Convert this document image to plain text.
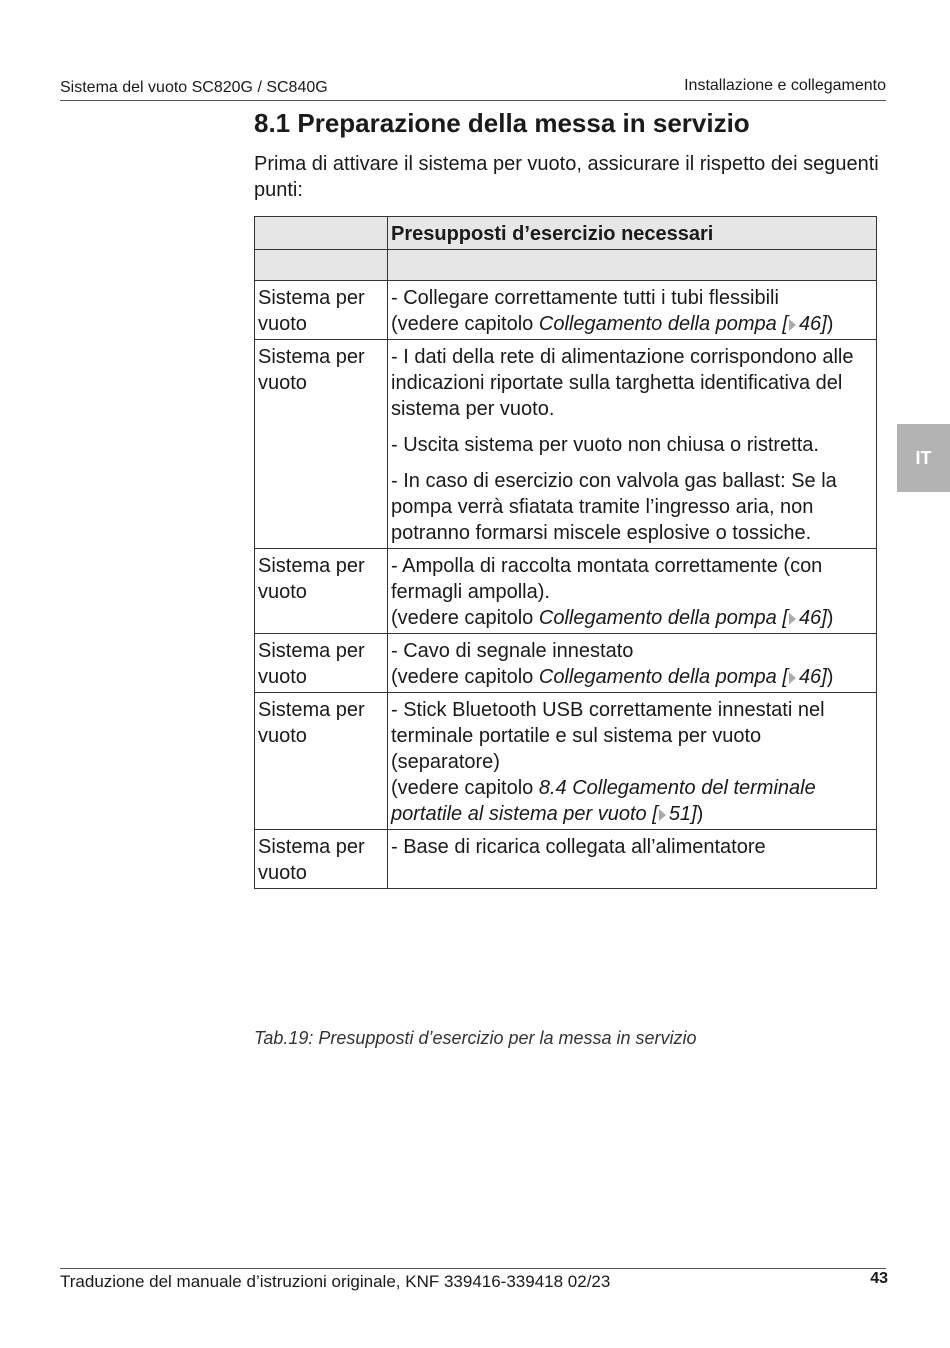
Sistema del vuoto SC820G / SC840G	Installazione e collegamento
IT
8.1 Preparazione della messa in servizio

Prima di attivare il sistema per vuoto, assicurare il rispetto dei seguenti punti:

	Presupposti d’esercizio necessari

Sistema per vuoto	- Collegare correttamente tutti i tubi flessibili
(vedere capitolo Collegamento della pompa [ 46])
Sistema per vuoto	- I dati della rete di alimentazione corrispondono alle indicazioni riportate sulla targhetta identificativa del sistema per vuoto.
- Uscita sistema per vuoto non chiusa o ristretta.
- In caso di esercizio con valvola gas ballast: Se la pompa verrà sfiatata tramite l’ingresso aria, non potranno formarsi miscele esplosive o tossiche.

Sistema per vuoto	- Ampolla di raccolta montata correttamente (con fermagli ampolla).
(vedere capitolo Collegamento della pompa [ 46])
Sistema per vuoto	- Cavo di segnale innestato
(vedere capitolo Collegamento della pompa [ 46])
Sistema per vuoto	- Stick Bluetooth USB correttamente innestati nel terminale portatile e sul sistema per vuoto (separatore)
(vedere capitolo 8.4 Collegamento del terminale portatile al sistema per vuoto [ 51])
Sistema per vuoto	- Base di ricarica collegata all’alimentatore
Tab.19: Presupposti d’esercizio per la messa in servizio
Traduzione del manuale d’istruzioni originale, KNF 339416-339418 02/23	43
